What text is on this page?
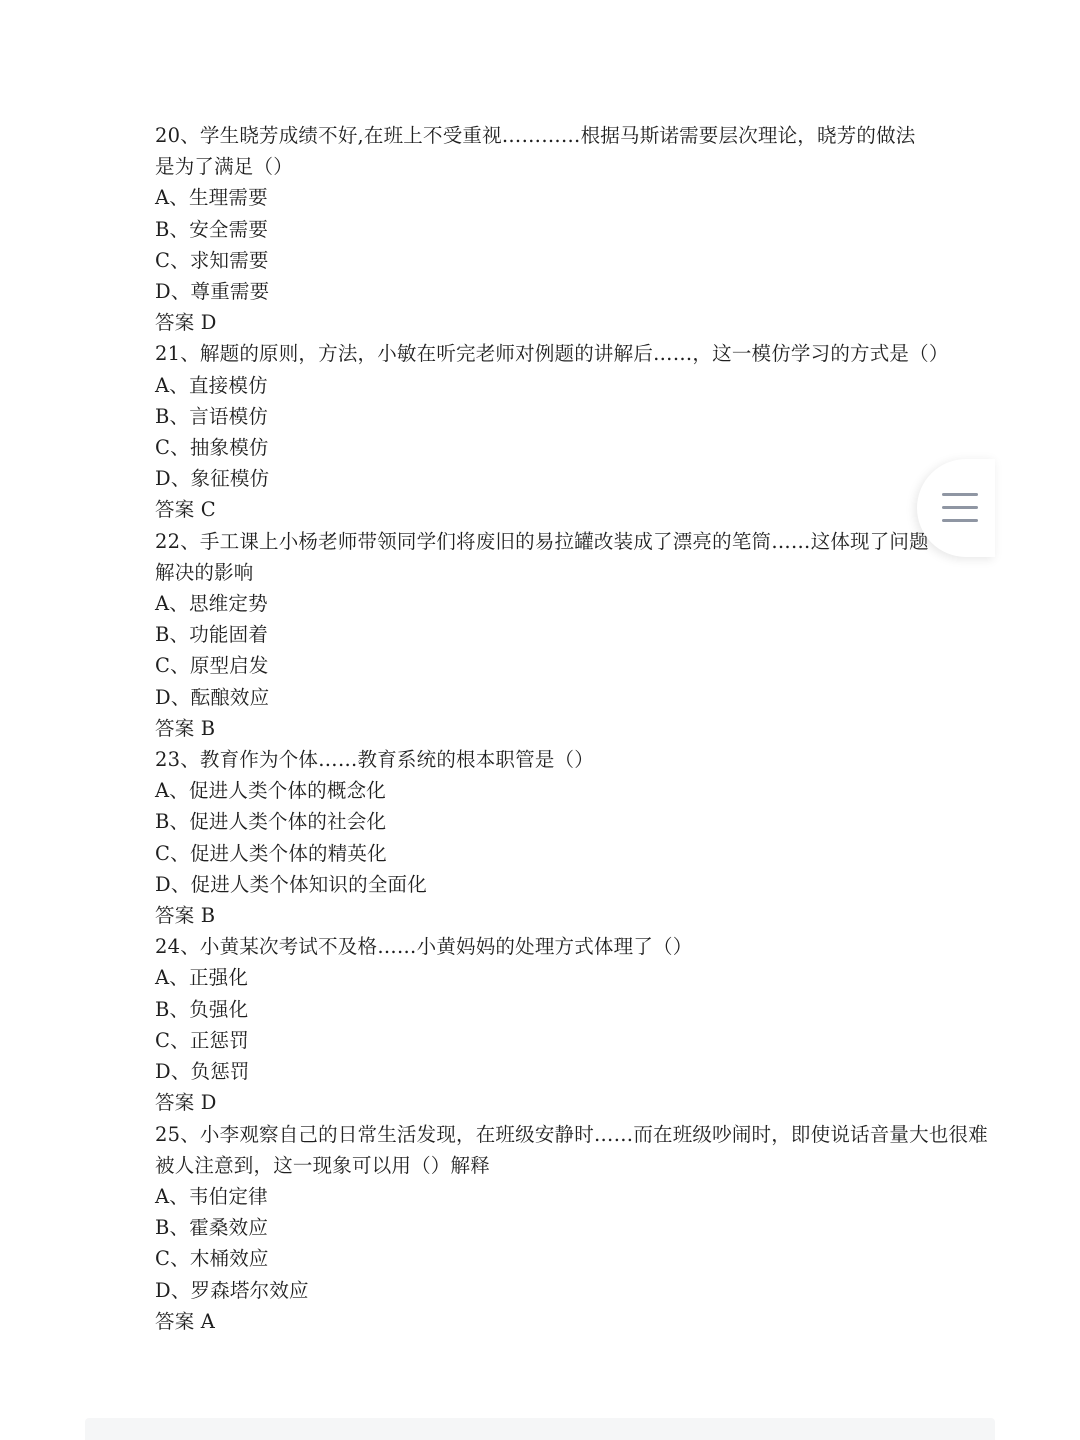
20、学生晓芳成绩不好,在班上不受重视…………根据马斯诺需要层次理论，晓芳的做法是为了满足（）
A、生理需要
B、安全需要
C、求知需要
D、尊重需要
答案 D
21、解题的原则，方法，小敏在听完老师对例题的讲解后……，这一模仿学习的方式是（）
A、直接模仿
B、言语模仿
C、抽象模仿
D、象征模仿
答案 C
22、手工课上小杨老师带领同学们将废旧的易拉罐改装成了漂亮的笔筒……这体现了问题解决的影响
A、思维定势
B、功能固着
C、原型启发
D、酝酿效应
答案 B
23、教育作为个体……教育系统的根本职管是（）
A、促进人类个体的概念化
B、促进人类个体的社会化
C、促进人类个体的精英化
D、促进人类个体知识的全面化
答案 B
24、小黄某次考试不及格……小黄妈妈的处理方式体理了（）
A、正强化
B、负强化
C、正惩罚
D、负惩罚
答案 D
25、小李观察自己的日常生活发现，在班级安静时……而在班级吵闹时，即使说话音量大也很难被人注意到，这一现象可以用（）解释
A、韦伯定律
B、霍桑效应
C、木桶效应
D、罗森塔尔效应
答案 A
